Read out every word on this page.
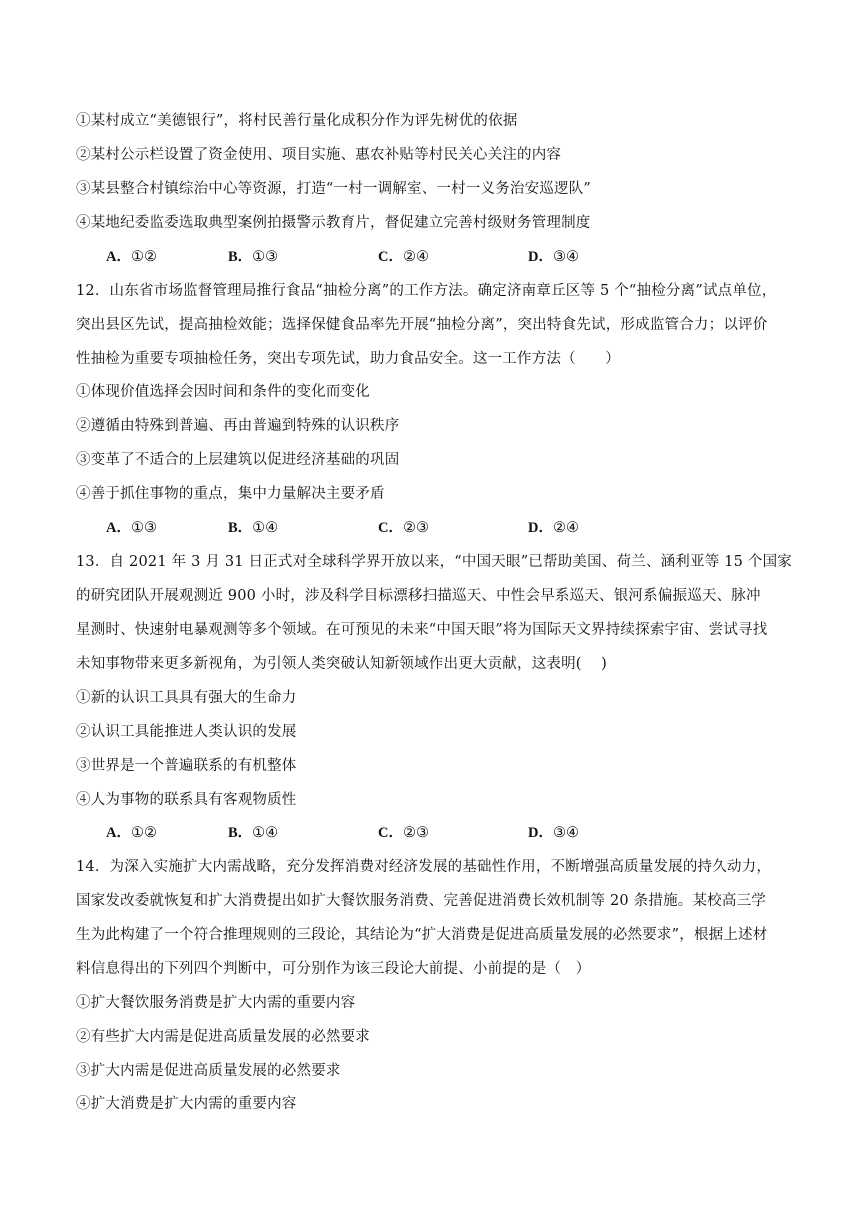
①某村成立“美德银行”，将村民善行量化成积分作为评先树优的依据
②某村公示栏设置了资金使用、项目实施、惠农补贴等村民关心关注的内容
③某县整合村镇综治中心等资源，打造“一村一调解室、一村一义务治安巡逻队”
④某地纪委监委选取典型案例拍摄警示教育片，督促建立完善村级财务管理制度
A．①②	B．①③	C．②④	D．③④
12．山东省市场监督管理局推行食品“抽检分离”的工作方法。确定济南章丘区等 5 个“抽检分离”试点单位，
突出县区先试，提高抽检效能；选择保健食品率先开展“抽检分离”，突出特食先试，形成监管合力；以评价
性抽检为重要专项抽检任务，突出专项先试，助力食品安全。这一工作方法（　　）
①体现价值选择会因时间和条件的变化而变化
②遵循由特殊到普遍、再由普遍到特殊的认识秩序
③变革了不适合的上层建筑以促进经济基础的巩固
④善于抓住事物的重点，集中力量解决主要矛盾
A．①③	B．①④	C．②③	D．②④
13．自 2021 年 3 月 31 日正式对全球科学界开放以来，“中国天眼”已帮助美国、荷兰、涵利亚等 15 个国家
的研究团队开展观测近 900 小时，涉及科学目标漂移扫描巡天、中性会早系巡天、银河系偏振巡天、脉冲
星测时、快速射电暴观测等多个领域。在可预见的未来“中国天眼”将为国际天文界持续探索宇宙、尝试寻找
未知事物带来更多新视角，为引领人类突破认知新领域作出更大贡献，这表明(　 )
①新的认识工具具有强大的生命力
②认识工具能推进人类认识的发展
③世界是一个普遍联系的有机整体
④人为事物的联系具有客观物质性
A．①②	B．①④	C．②③	D．③④
14．为深入实施扩大内需战略，充分发挥消费对经济发展的基础性作用，不断增强高质量发展的持久动力，
国家发改委就恢复和扩大消费提出如扩大餐饮服务消费、完善促进消费长效机制等 20 条措施。某校高三学
生为此构建了一个符合推理规则的三段论，其结论为“扩大消费是促进高质量发展的必然要求”，根据上述材
料信息得出的下列四个判断中，可分别作为该三段论大前提、小前提的是（　）
①扩大餐饮服务消费是扩大内需的重要内容
②有些扩大内需是促进高质量发展的必然要求
③扩大内需是促进高质量发展的必然要求
④扩大消费是扩大内需的重要内容
